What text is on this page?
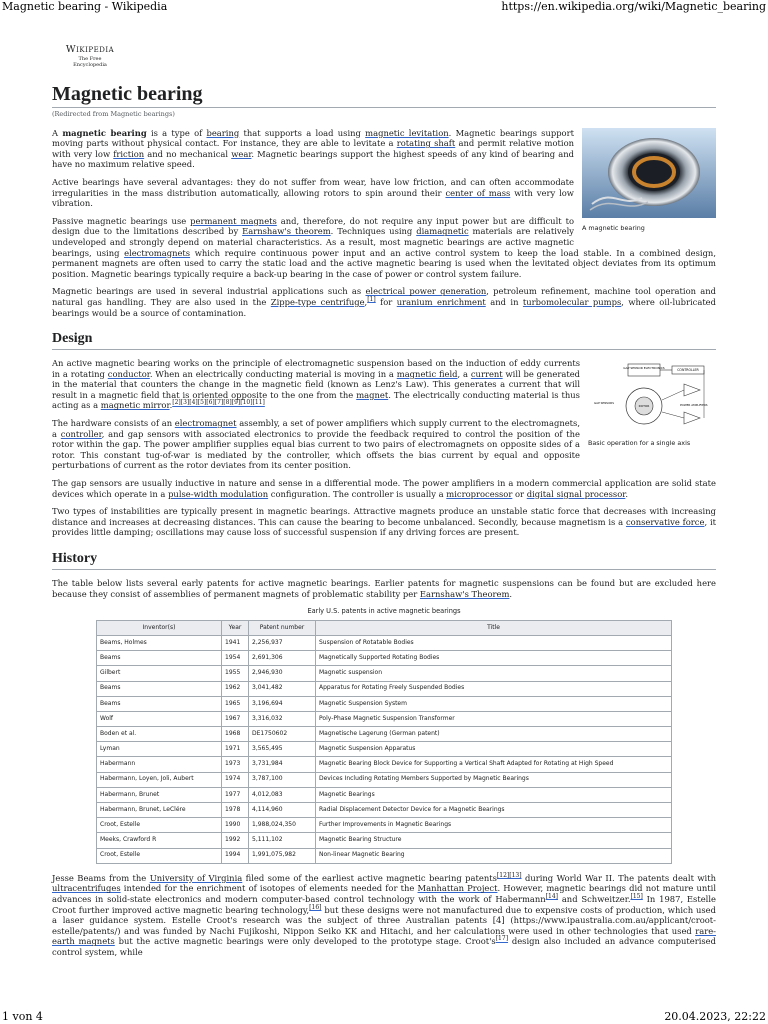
Magnetic bearing - Wikipedia	https://en.wikipedia.org/wiki/Magnetic_bearing
Wikipedia
The Free Encyclopedia
Magnetic bearing
(Redirected from Magnetic bearings)
A magnetic bearing

A magnetic bearing is a type of bearing that supports a load using magnetic levitation. Magnetic bearings support moving parts without physical contact. For instance, they are able to levitate a rotating shaft and permit relative motion with very low friction and no mechanical wear. Magnetic bearings support the highest speeds of any kind of bearing and have no maximum relative speed.

Active bearings have several advantages: they do not suffer from wear, have low friction, and can often accommodate irregularities in the mass distribution automatically, allowing rotors to spin around their center of mass with very low vibration.

Passive magnetic bearings use permanent magnets and, therefore, do not require any input power but are difficult to design due to the limitations described by Earnshaw's theorem. Techniques using diamagnetic materials are relatively undeveloped and strongly depend on material characteristics. As a result, most magnetic bearings are active magnetic bearings, using electromagnets which require continuous power input and an active control system to keep the load stable. In a combined design, permanent magnets are often used to carry the static load and the active magnetic bearing is used when the levitated object deviates from its optimum position. Magnetic bearings typically require a back-up bearing in the case of power or control system failure.

Magnetic bearings are used in several industrial applications such as electrical power generation, petroleum refinement, machine tool operation and natural gas handling. They are also used in the Zippe-type centrifuge,[1] for uranium enrichment and in turbomolecular pumps, where oil-lubricated bearings would be a source of contamination.

Design
GAP SENSOR ELECTRONICS	CONTROLLER
ROTOR
GAP SENSORS	POWER AMPLIFIERS
Basic operation for a single axis

An active magnetic bearing works on the principle of electromagnetic suspension based on the induction of eddy currents in a rotating conductor. When an electrically conducting material is moving in a magnetic field, a current will be generated in the material that counters the change in the magnetic field (known as Lenz's Law). This generates a current that will result in a magnetic field that is oriented opposite to the one from the magnet. The electrically conducting material is thus acting as a magnetic mirror.[2][3][4][5][6][7][8][9][10][11]

The hardware consists of an electromagnet assembly, a set of power amplifiers which supply current to the electromagnets, a controller, and gap sensors with associated electronics to provide the feedback required to control the position of the rotor within the gap. The power amplifier supplies equal bias current to two pairs of electromagnets on opposite sides of a rotor. This constant tug-of-war is mediated by the controller, which offsets the bias current by equal and opposite perturbations of current as the rotor deviates from its center position.

The gap sensors are usually inductive in nature and sense in a differential mode. The power amplifiers in a modern commercial application are solid state devices which operate in a pulse-width modulation configuration. The controller is usually a microprocessor or digital signal processor.

Two types of instabilities are typically present in magnetic bearings. Attractive magnets produce an unstable static force that decreases with increasing distance and increases at decreasing distances. This can cause the bearing to become unbalanced. Secondly, because magnetism is a conservative force, it provides little damping; oscillations may cause loss of successful suspension if any driving forces are present.

History

The table below lists several early patents for active magnetic bearings. Earlier patents for magnetic suspensions can be found but are excluded here because they consist of assemblies of permanent magnets of problematic stability per Earnshaw's Theorem.

Early U.S. patents in active magnetic bearings
Inventor(s)	Year	Patent number	Title
Beams, Holmes	1941	2,256,937	Suspension of Rotatable Bodies
Beams	1954	2,691,306	Magnetically Supported Rotating Bodies
Gilbert	1955	2,946,930	Magnetic suspension
Beams	1962	3,041,482	Apparatus for Rotating Freely Suspended Bodies
Beams	1965	3,196,694	Magnetic Suspension System
Wolf	1967	3,316,032	Poly-Phase Magnetic Suspension Transformer
Boden et al.	1968	DE1750602	Magnetische Lagerung (German patent)
Lyman	1971	3,565,495	Magnetic Suspension Apparatus
Habermann	1973	3,731,984	Magnetic Bearing Block Device for Supporting a Vertical Shaft Adapted for Rotating at High Speed
Habermann, Loyen, Joli, Aubert	1974	3,787,100	Devices Including Rotating Members Supported by Magnetic Bearings
Habermann, Brunet	1977	4,012,083	Magnetic Bearings
Habermann, Brunet, LeClére	1978	4,114,960	Radial Displacement Detector Device for a Magnetic Bearings
Croot, Estelle	1990	1,988,024,350	Further Improvements in Magnetic Bearings
Meeks, Crawford R	1992	5,111,102	Magnetic Bearing Structure
Croot, Estelle	1994	1,991,075,982	Non-linear Magnetic Bearing

Jesse Beams from the University of Virginia filed some of the earliest active magnetic bearing patents[12][13] during World War II. The patents dealt with ultracentrifuges intended for the enrichment of isotopes of elements needed for the Manhattan Project. However, magnetic bearings did not mature until advances in solid-state electronics and modern computer-based control technology with the work of Habermann[14] and Schweitzer.[15] In 1987, Estelle Croot further improved active magnetic bearing technology,[16] but these designs were not manufactured due to expensive costs of production, which used a laser guidance system. Estelle Croot's research was the subject of three Australian patents [4] (https://www.ipaustralia.com.au/applicant/croot-estelle/patents/) and was funded by Nachi Fujikoshi, Nippon Seiko KK and Hitachi, and her calculations were used in other technologies that used rare-earth magnets but the active magnetic bearings were only developed to the prototype stage. Croot's[17] design also included an advance computerised control system, while

1 von 4	20.04.2023, 22:22
